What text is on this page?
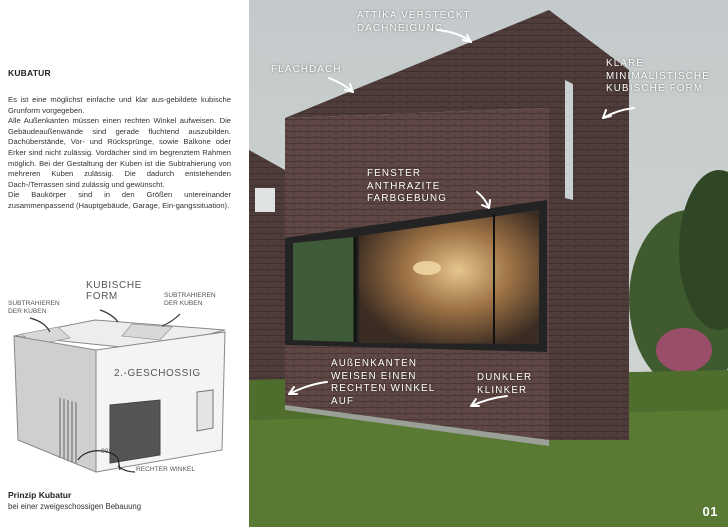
KUBATUR
Es ist eine möglichst einfache und klar aus-gebildete kubische Grunform vorgegeben.
Alle Außenkanten müssen einen rechten Winkel aufweisen. Die Gebäudeaußenwände sind gerade fluchtend auszubilden. Dachüberstände, Vor- und Rücksprünge, sowie Balkone oder Erker sind nicht zulässig. Vordächer sind im begrenztem Rahmen möglich. Bei der Gestaltung der Kuben ist die Subtrahierung von mehreren Kuben zulässig. Die dadurch entstehenden Dach-/Terrassen sind zulässig und gewünscht.
Die Baukörper sind in den Größen untereinander zusammenpassend (Hauptgebäude, Garage, Ein-gangssituation).
SUBTRAHIEREN
DER KUBEN
KUBISCHE
FORM	SUBTRAHIEREN
DER KUBEN
2.-GESCHOSSIG
90°
RECHTER WINKEL
Prinzip Kubatur
bei einer zweigeschossigen Bebauung
ATTIKA VERSTECKT
DACHNEIGUNG
FLACHDACH
KLARE
MINIMALISTISCHE
KUBISCHE FORM
FENSTER
ANTHRAZITE
FARBGEBUNG
AUßENKANTEN
WEISEN EINEN
RECHTEN WINKEL
AUF
DUNKLER
KLINKER
01
